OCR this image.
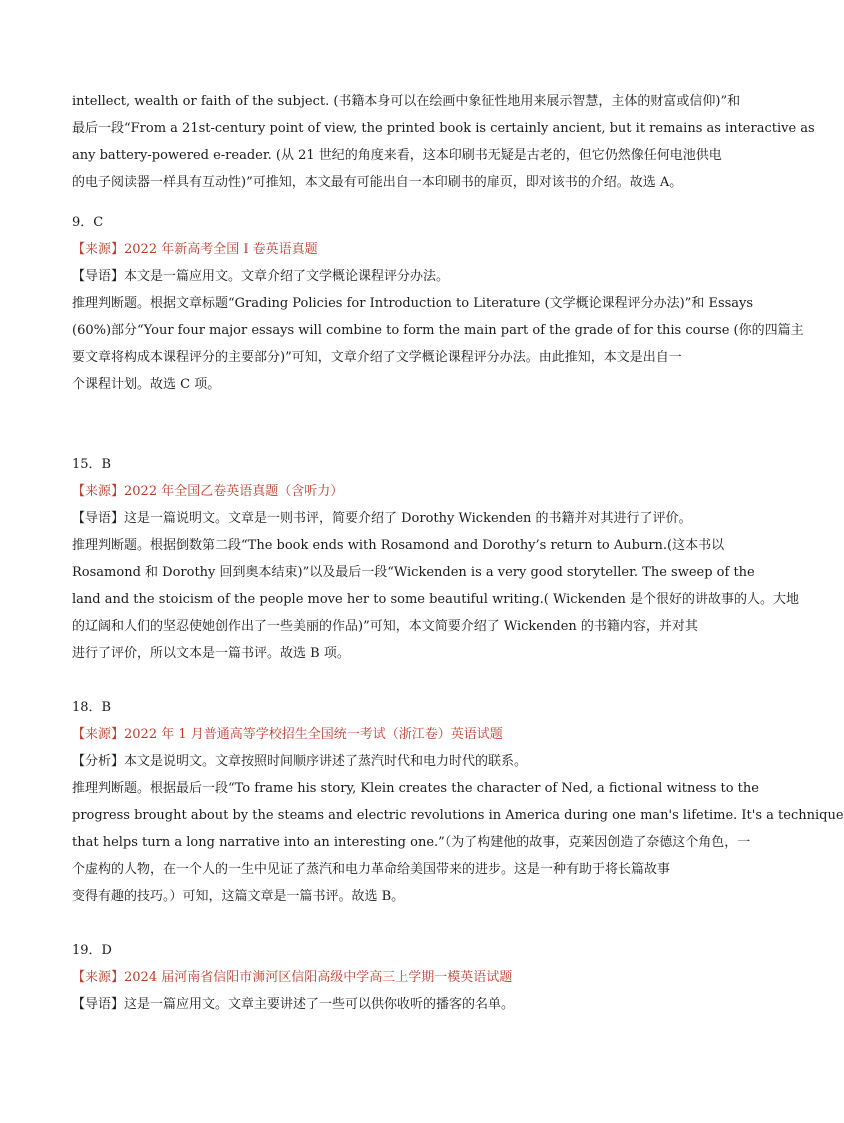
intellect, wealth or faith of the subject. (书籍本身可以在绘画中象征性地用来展示智慧，主体的财富或信仰)”和
最后一段“From a 21st-century point of view, the printed book is certainly ancient, but it remains as interactive as
any battery-powered e-reader. (从 21 世纪的角度来看，这本印刷书无疑是古老的，但它仍然像任何电池供电
的电子阅读器一样具有互动性)”可推知，本文最有可能出自一本印刷书的扉页，即对该书的介绍。故选 A。
9．C
【来源】2022 年新高考全国 I 卷英语真题
【导语】本文是一篇应用文。文章介绍了文学概论课程评分办法。
推理判断题。根据文章标题“Grading Policies for Introduction to Literature (文学概论课程评分办法)”和 Essays
(60%)部分“Your four major essays will combine to form the main part of the grade of for this course (你的四篇主
要文章将构成本课程评分的主要部分)”可知，文章介绍了文学概论课程评分办法。由此推知，本文是出自一
个课程计划。故选 C 项。
15．B
【来源】2022 年全国乙卷英语真题（含听力）
【导语】这是一篇说明文。文章是一则书评，简要介绍了 Dorothy Wickenden 的书籍并对其进行了评价。
推理判断题。根据倒数第二段“The book ends with Rosamond and Dorothy’s return to Auburn.(这本书以
Rosamond 和 Dorothy 回到奥本结束)”以及最后一段“Wickenden is a very good storyteller. The sweep of the
land and the stoicism of the people move her to some beautiful writing.( Wickenden 是个很好的讲故事的人。大地
的辽阔和人们的坚忍使她创作出了一些美丽的作品)”可知，本文简要介绍了 Wickenden 的书籍内容，并对其
进行了评价，所以文本是一篇书评。故选 B 项。
18．B
【来源】2022 年 1 月普通高等学校招生全国统一考试（浙江卷）英语试题
【分析】本文是说明文。文章按照时间顺序讲述了蒸汽时代和电力时代的联系。
推理判断题。根据最后一段“To frame his story, Klein creates the character of Ned, a fictional witness to the
progress brought about by the steams and electric revolutions in America during one man's lifetime. It's a technique
that helps turn a long narrative into an interesting one.”（为了构建他的故事，克莱因创造了奈德这个角色，一
个虚构的人物，在一个人的一生中见证了蒸汽和电力革命给美国带来的进步。这是一种有助于将长篇故事
变得有趣的技巧。）可知，这篇文章是一篇书评。故选 B。
19．D
【来源】2024 届河南省信阳市浉河区信阳高级中学高三上学期一模英语试题
【导语】这是一篇应用文。文章主要讲述了一些可以供你收听的播客的名单。
